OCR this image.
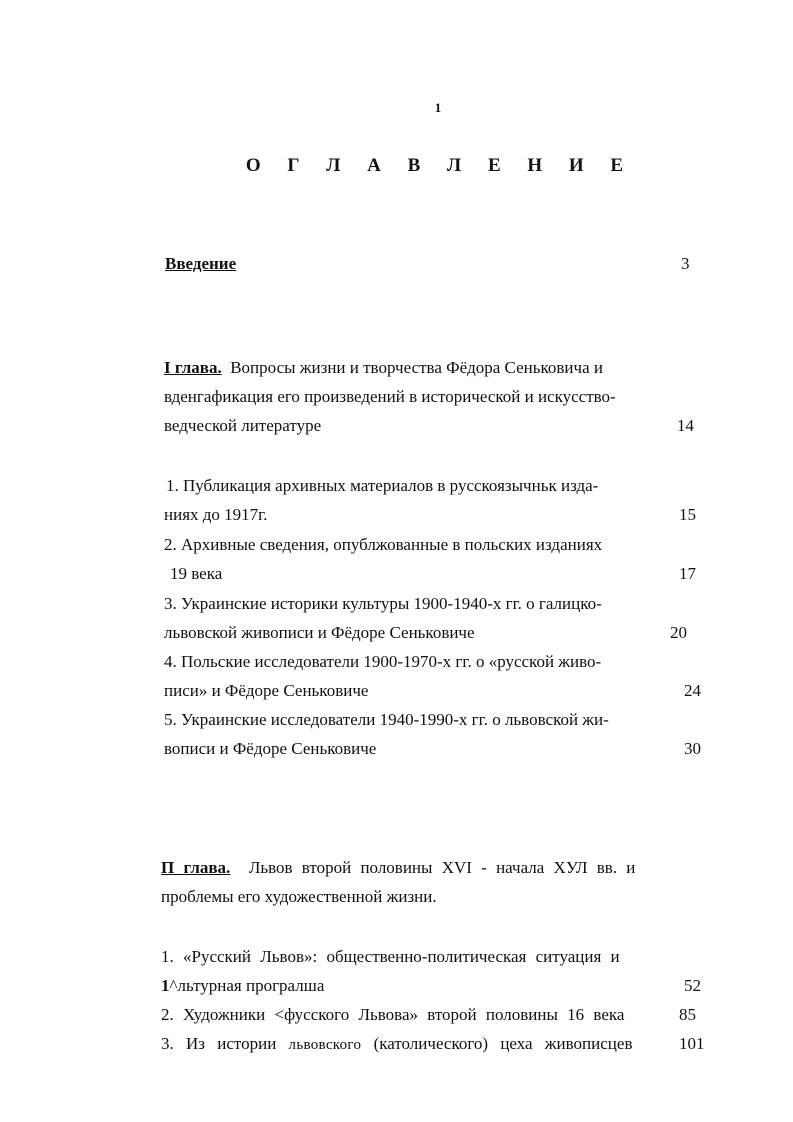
1
О Г Л А В Л Е Н И Е
Введение	3
I глава. Вопросы жизни и творчества Фёдора Сеньковича и
вденгафикация его произведений в исторической и искусство-
ведческой литературе	14
1. Публикация архивных материалов в русскоязычньк изда-
ниях до 1917г.	15
2. Архивные сведения, опублжованные в польских изданиях
19 века	17
3. Украинские историки культуры 1900-1940-х гг. о галицко-
львовской живописи и Фёдоре Сеньковиче	20
4. Польские исследователи 1900-1970-х гг. о «русской живо-
писи» и Фёдоре Сеньковиче	24
5. Украинские исследователи 1940-1990-х гг. о львовской жи-
вописи и Фёдоре Сеньковиче	30
П глава. Львов второй половины XVI - начала ХУЛ вв. и
проблемы его художественной жизни.
1. «Русский Львов»: общественно-политическая ситуация и
1^льтурная програлша	52
2. Художники <фусского Львова» второй половины 16 века	85
3. Из истории львовского (католического) цеха живописцев	101
